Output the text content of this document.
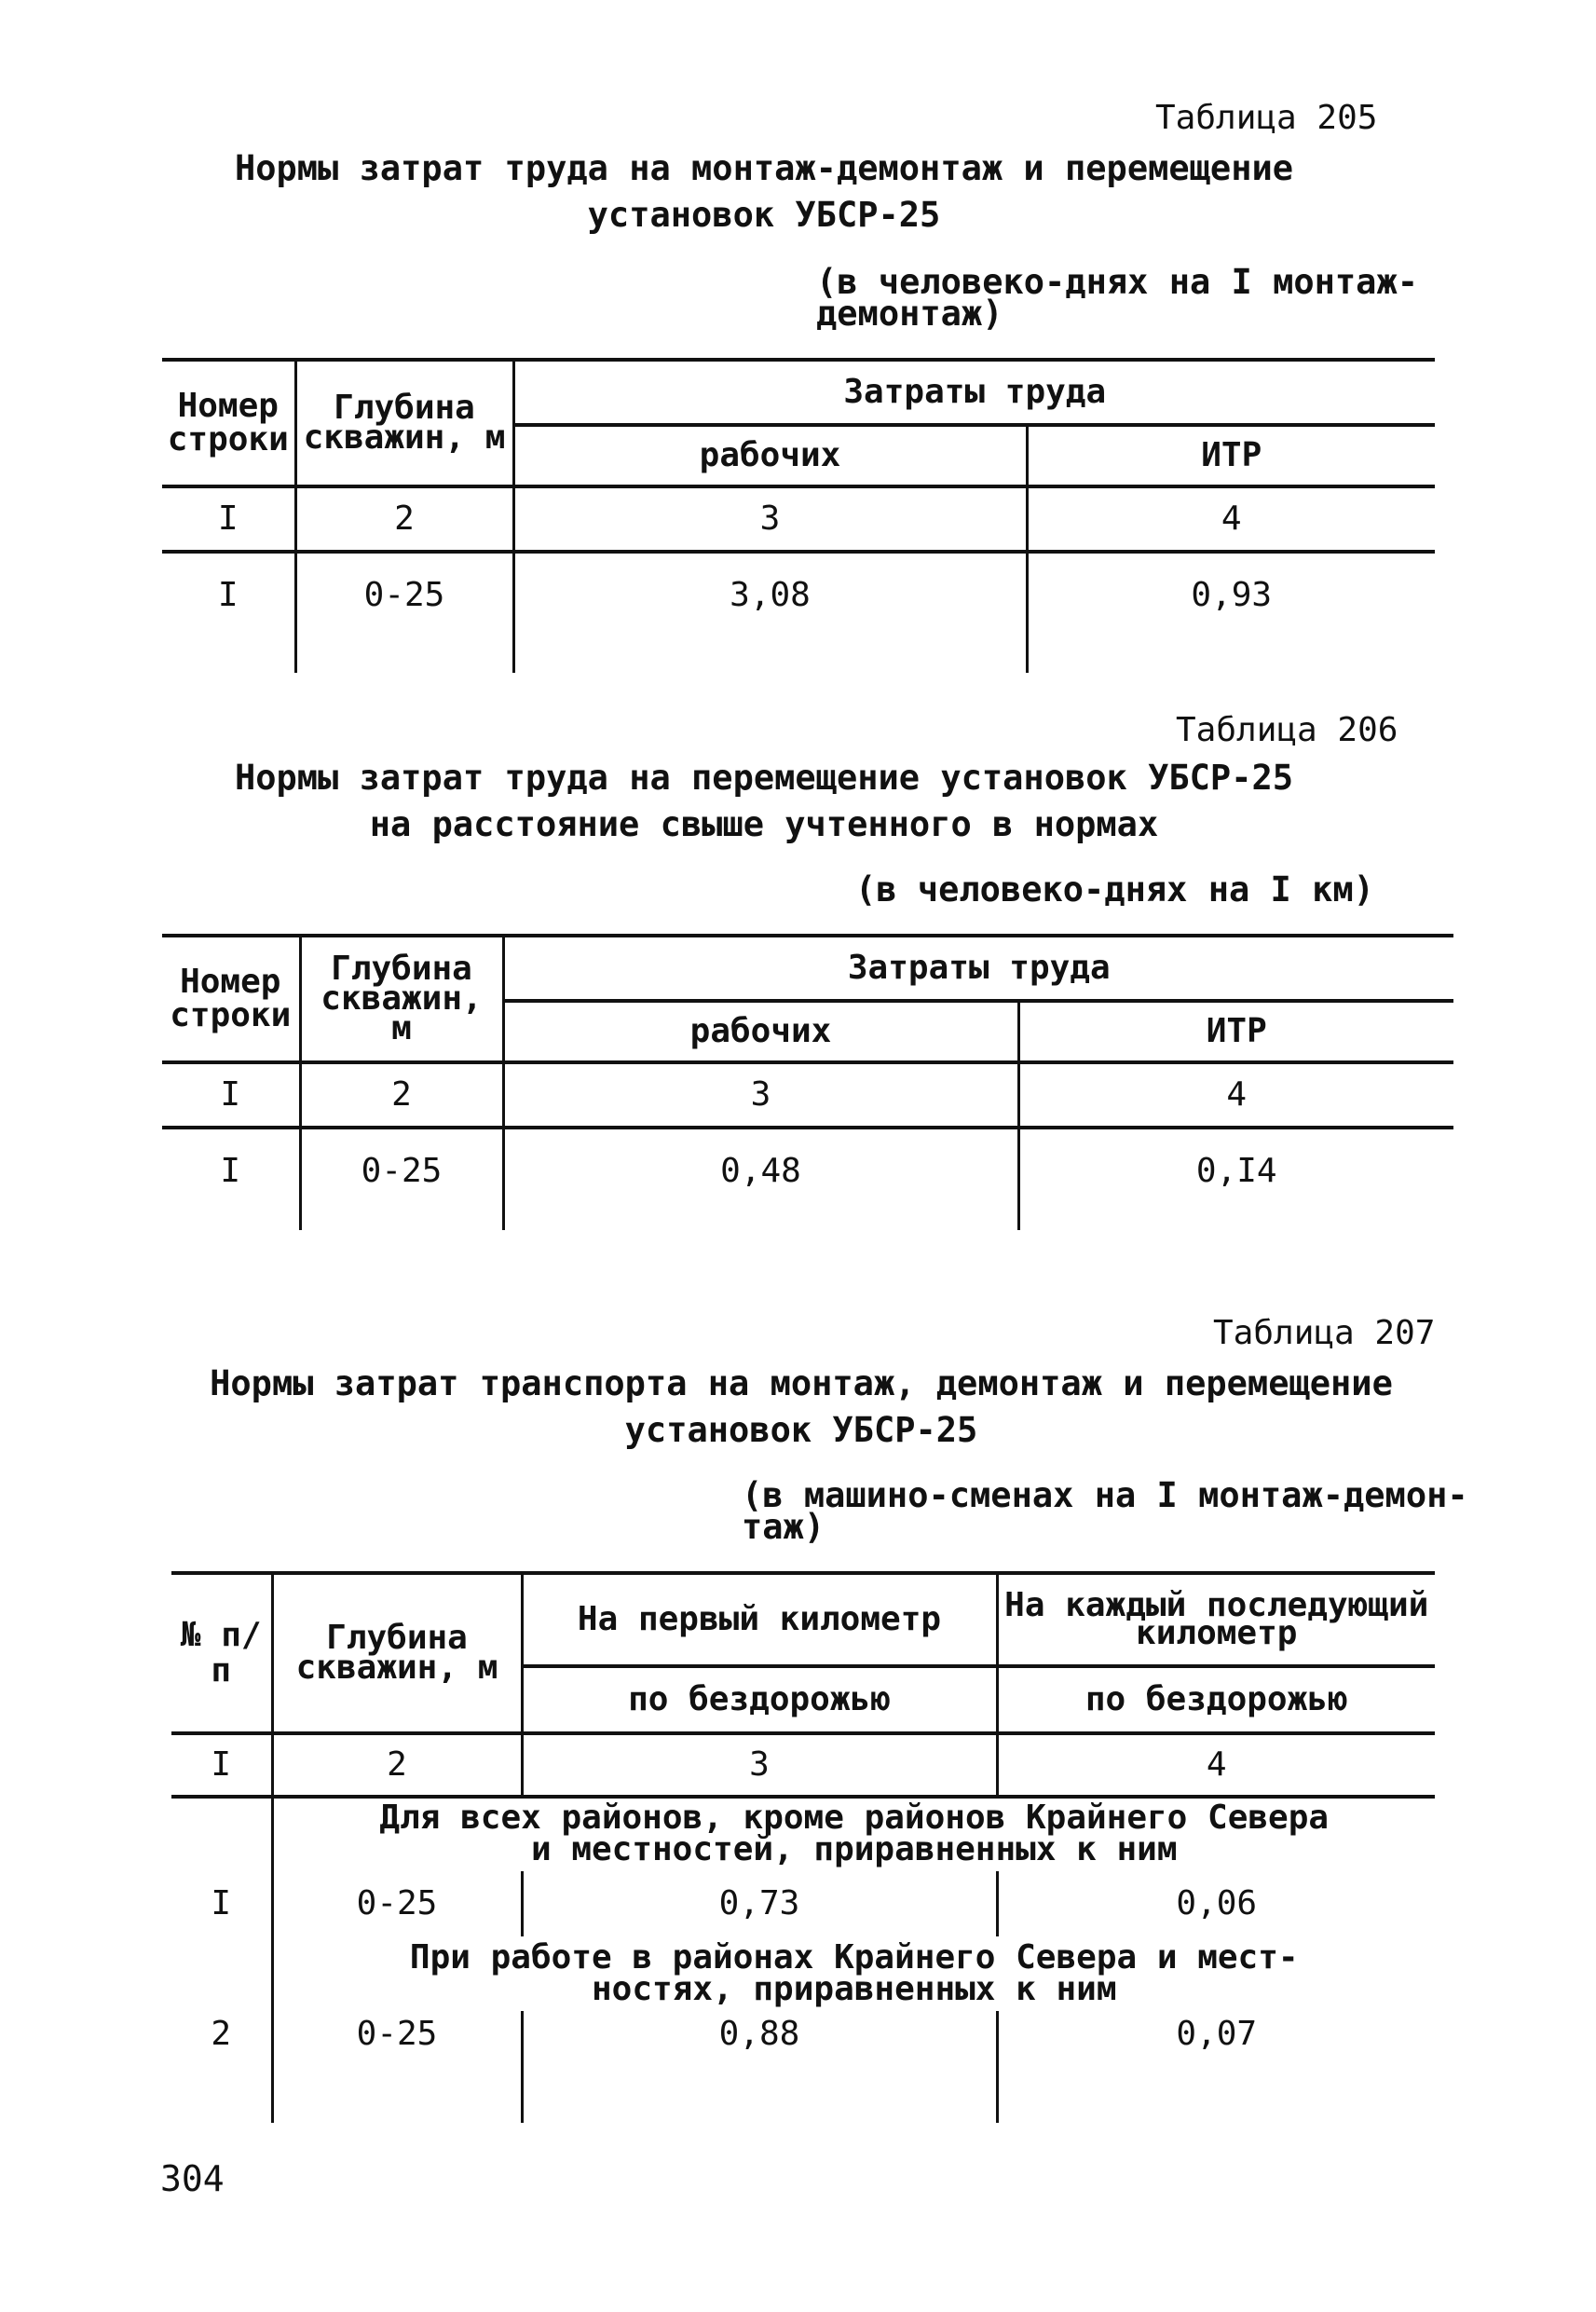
Таблица 205
Нормы затрат труда на монтаж-демонтаж и перемещение
установок УБСР-25
(в человеко-днях на I монтаж-
демонтаж)
Номер строки	Глубина скважин, м	Затраты труда	
		рабочих	ИТР
I	2	3	4
I	0-25	3,08	0,93
Таблица 206
Нормы затрат труда на перемещение установок УБСР-25
на расстояние свыше учтенного в нормах
(в человеко-днях на I км)
Номер строки	Глубина скважин, м	Затраты труда	
		рабочих	ИТР
I	2	3	4
I	0-25	0,48	0,I4
Таблица 207
Нормы затрат транспорта на монтаж, демонтаж и перемещение
установок УБСР-25
(в машино-сменах на I монтаж-демон-
таж)
№ п/п	Глубина скважин, м	На первый километр	На каждый последующий километр
		по бездорожью	по бездорожью
I	2	3	4

	Для всех районов, кроме районов Крайнего Севера
и местностей, приравненных к ним		

I	0-25	0,73	0,06

	При работе в районах Крайнего Севера и мест-
ностях, приравненных к ним		

2	0-25	0,88	0,07
304
